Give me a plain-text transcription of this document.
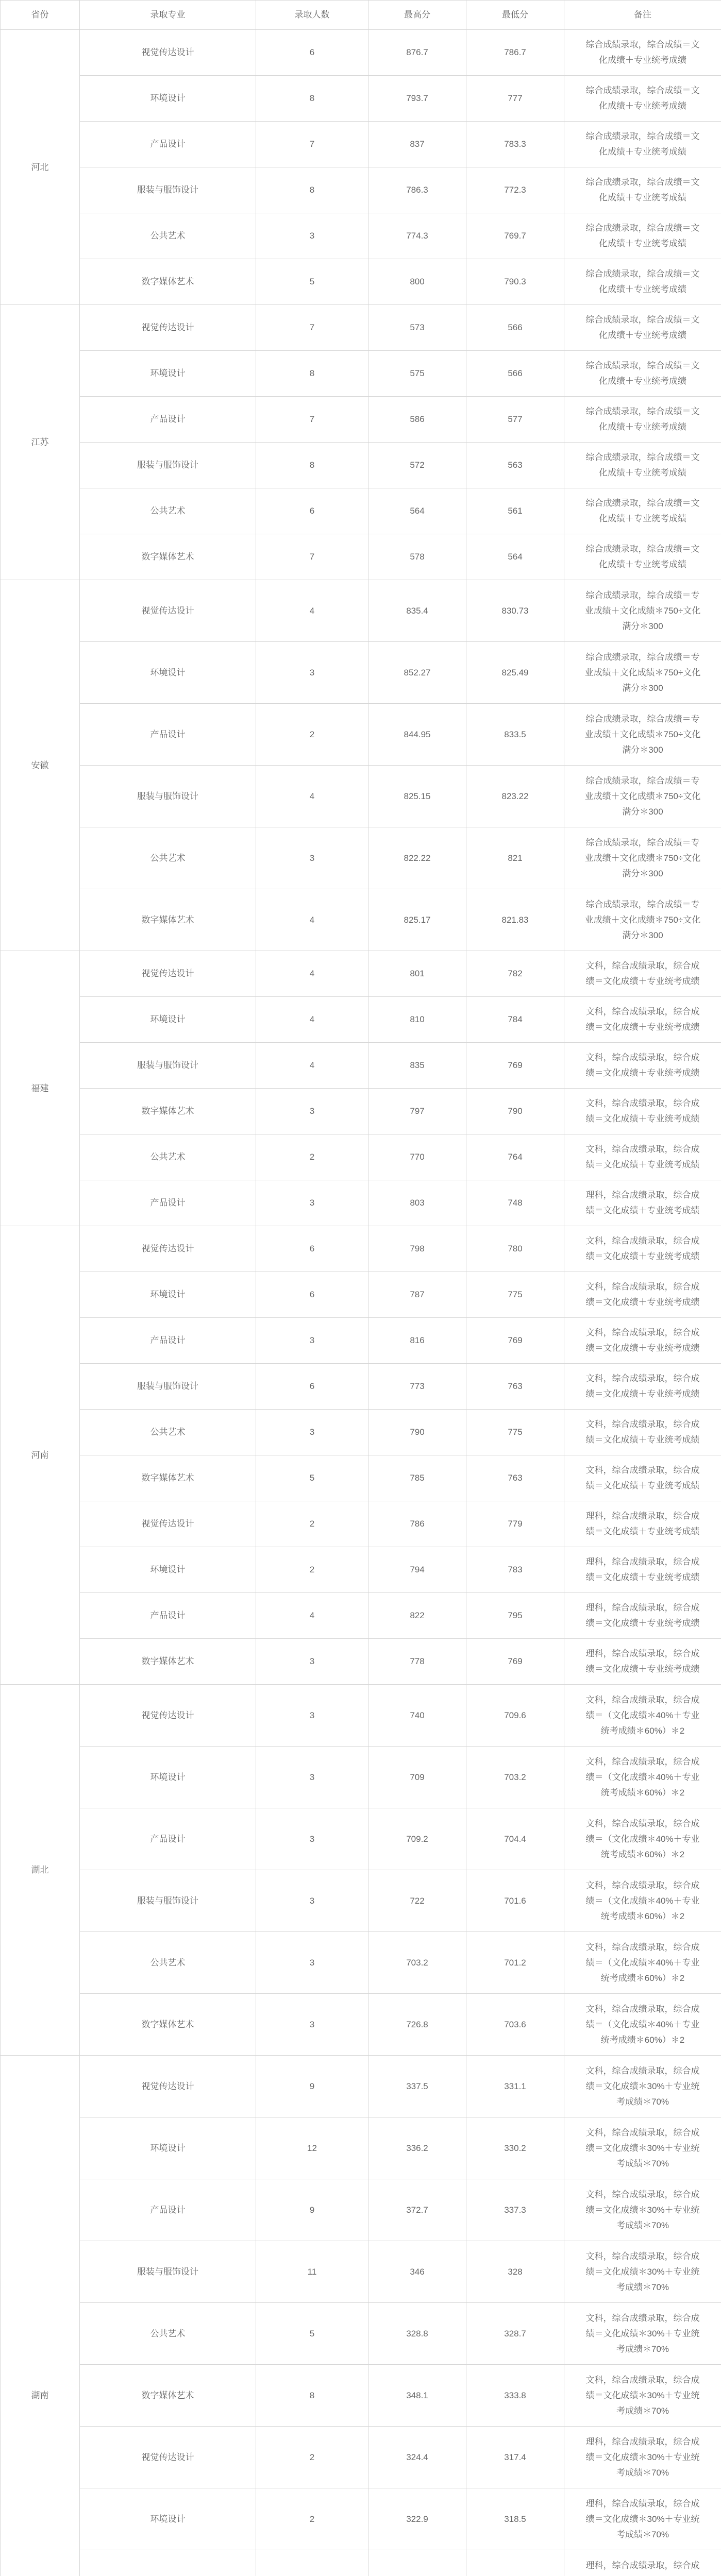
省份	录取专业	录取人数	最高分	最低分	备注
河北	视觉传达设计	6	876.7	786.7	综合成绩录取，综合成绩＝文化成绩＋专业统考成绩
	环境设计	8	793.7	777	综合成绩录取，综合成绩＝文化成绩＋专业统考成绩
	产品设计	7	837	783.3	综合成绩录取，综合成绩＝文化成绩＋专业统考成绩
	服装与服饰设计	8	786.3	772.3	综合成绩录取，综合成绩＝文化成绩＋专业统考成绩
	公共艺术	3	774.3	769.7	综合成绩录取，综合成绩＝文化成绩＋专业统考成绩
	数字媒体艺术	5	800	790.3	综合成绩录取，综合成绩＝文化成绩＋专业统考成绩
江苏	视觉传达设计	7	573	566	综合成绩录取，综合成绩＝文化成绩＋专业统考成绩
	环境设计	8	575	566	综合成绩录取，综合成绩＝文化成绩＋专业统考成绩
	产品设计	7	586	577	综合成绩录取，综合成绩＝文化成绩＋专业统考成绩
	服装与服饰设计	8	572	563	综合成绩录取，综合成绩＝文化成绩＋专业统考成绩
	公共艺术	6	564	561	综合成绩录取，综合成绩＝文化成绩＋专业统考成绩
	数字媒体艺术	7	578	564	综合成绩录取，综合成绩＝文化成绩＋专业统考成绩
安徽	视觉传达设计	4	835.4	830.73	综合成绩录取，综合成绩＝专业成绩＋文化成绩＊750÷文化满分＊300
	环境设计	3	852.27	825.49	综合成绩录取，综合成绩＝专业成绩＋文化成绩＊750÷文化满分＊300
	产品设计	2	844.95	833.5	综合成绩录取，综合成绩＝专业成绩＋文化成绩＊750÷文化满分＊300
	服装与服饰设计	4	825.15	823.22	综合成绩录取，综合成绩＝专业成绩＋文化成绩＊750÷文化满分＊300
	公共艺术	3	822.22	821	综合成绩录取，综合成绩＝专业成绩＋文化成绩＊750÷文化满分＊300
	数字媒体艺术	4	825.17	821.83	综合成绩录取，综合成绩＝专业成绩＋文化成绩＊750÷文化满分＊300
福建	视觉传达设计	4	801	782	文科，综合成绩录取，综合成绩＝文化成绩＋专业统考成绩
	环境设计	4	810	784	文科，综合成绩录取，综合成绩＝文化成绩＋专业统考成绩
	服装与服饰设计	4	835	769	文科，综合成绩录取，综合成绩＝文化成绩＋专业统考成绩
	数字媒体艺术	3	797	790	文科，综合成绩录取，综合成绩＝文化成绩＋专业统考成绩
	公共艺术	2	770	764	文科，综合成绩录取，综合成绩＝文化成绩＋专业统考成绩
	产品设计	3	803	748	理科，综合成绩录取，综合成绩＝文化成绩＋专业统考成绩
河南	视觉传达设计	6	798	780	文科，综合成绩录取，综合成绩＝文化成绩＋专业统考成绩
	环境设计	6	787	775	文科，综合成绩录取，综合成绩＝文化成绩＋专业统考成绩
	产品设计	3	816	769	文科，综合成绩录取，综合成绩＝文化成绩＋专业统考成绩
	服装与服饰设计	6	773	763	文科，综合成绩录取，综合成绩＝文化成绩＋专业统考成绩
	公共艺术	3	790	775	文科，综合成绩录取，综合成绩＝文化成绩＋专业统考成绩
	数字媒体艺术	5	785	763	文科，综合成绩录取，综合成绩＝文化成绩＋专业统考成绩
	视觉传达设计	2	786	779	理科，综合成绩录取，综合成绩＝文化成绩＋专业统考成绩
	环境设计	2	794	783	理科，综合成绩录取，综合成绩＝文化成绩＋专业统考成绩
	产品设计	4	822	795	理科，综合成绩录取，综合成绩＝文化成绩＋专业统考成绩
	数字媒体艺术	3	778	769	理科，综合成绩录取，综合成绩＝文化成绩＋专业统考成绩
湖北	视觉传达设计	3	740	709.6	文科，综合成绩录取，综合成绩＝（文化成绩＊40%＋专业统考成绩＊60%）＊2
	环境设计	3	709	703.2	文科，综合成绩录取，综合成绩＝（文化成绩＊40%＋专业统考成绩＊60%）＊2
	产品设计	3	709.2	704.4	文科，综合成绩录取，综合成绩＝（文化成绩＊40%＋专业统考成绩＊60%）＊2
	服装与服饰设计	3	722	701.6	文科，综合成绩录取，综合成绩＝（文化成绩＊40%＋专业统考成绩＊60%）＊2
	公共艺术	3	703.2	701.2	文科，综合成绩录取，综合成绩＝（文化成绩＊40%＋专业统考成绩＊60%）＊2
	数字媒体艺术	3	726.8	703.6	文科，综合成绩录取，综合成绩＝（文化成绩＊40%＋专业统考成绩＊60%）＊2
湖南	视觉传达设计	9	337.5	331.1	文科，综合成绩录取，综合成绩＝文化成绩＊30%＋专业统考成绩＊70%
	环境设计	12	336.2	330.2	文科，综合成绩录取，综合成绩＝文化成绩＊30%＋专业统考成绩＊70%
	产品设计	9	372.7	337.3	文科，综合成绩录取，综合成绩＝文化成绩＊30%＋专业统考成绩＊70%
	服装与服饰设计	11	346	328	文科，综合成绩录取，综合成绩＝文化成绩＊30%＋专业统考成绩＊70%
	公共艺术	5	328.8	328.7	文科，综合成绩录取，综合成绩＝文化成绩＊30%＋专业统考成绩＊70%
	数字媒体艺术	8	348.1	333.8	文科，综合成绩录取，综合成绩＝文化成绩＊30%＋专业统考成绩＊70%
	视觉传达设计	2	324.4	317.4	理科，综合成绩录取，综合成绩＝文化成绩＊30%＋专业统考成绩＊70%
	环境设计	2	322.9	318.5	理科，综合成绩录取，综合成绩＝文化成绩＊30%＋专业统考成绩＊70%
				理科，综合成绩录取，综合成
